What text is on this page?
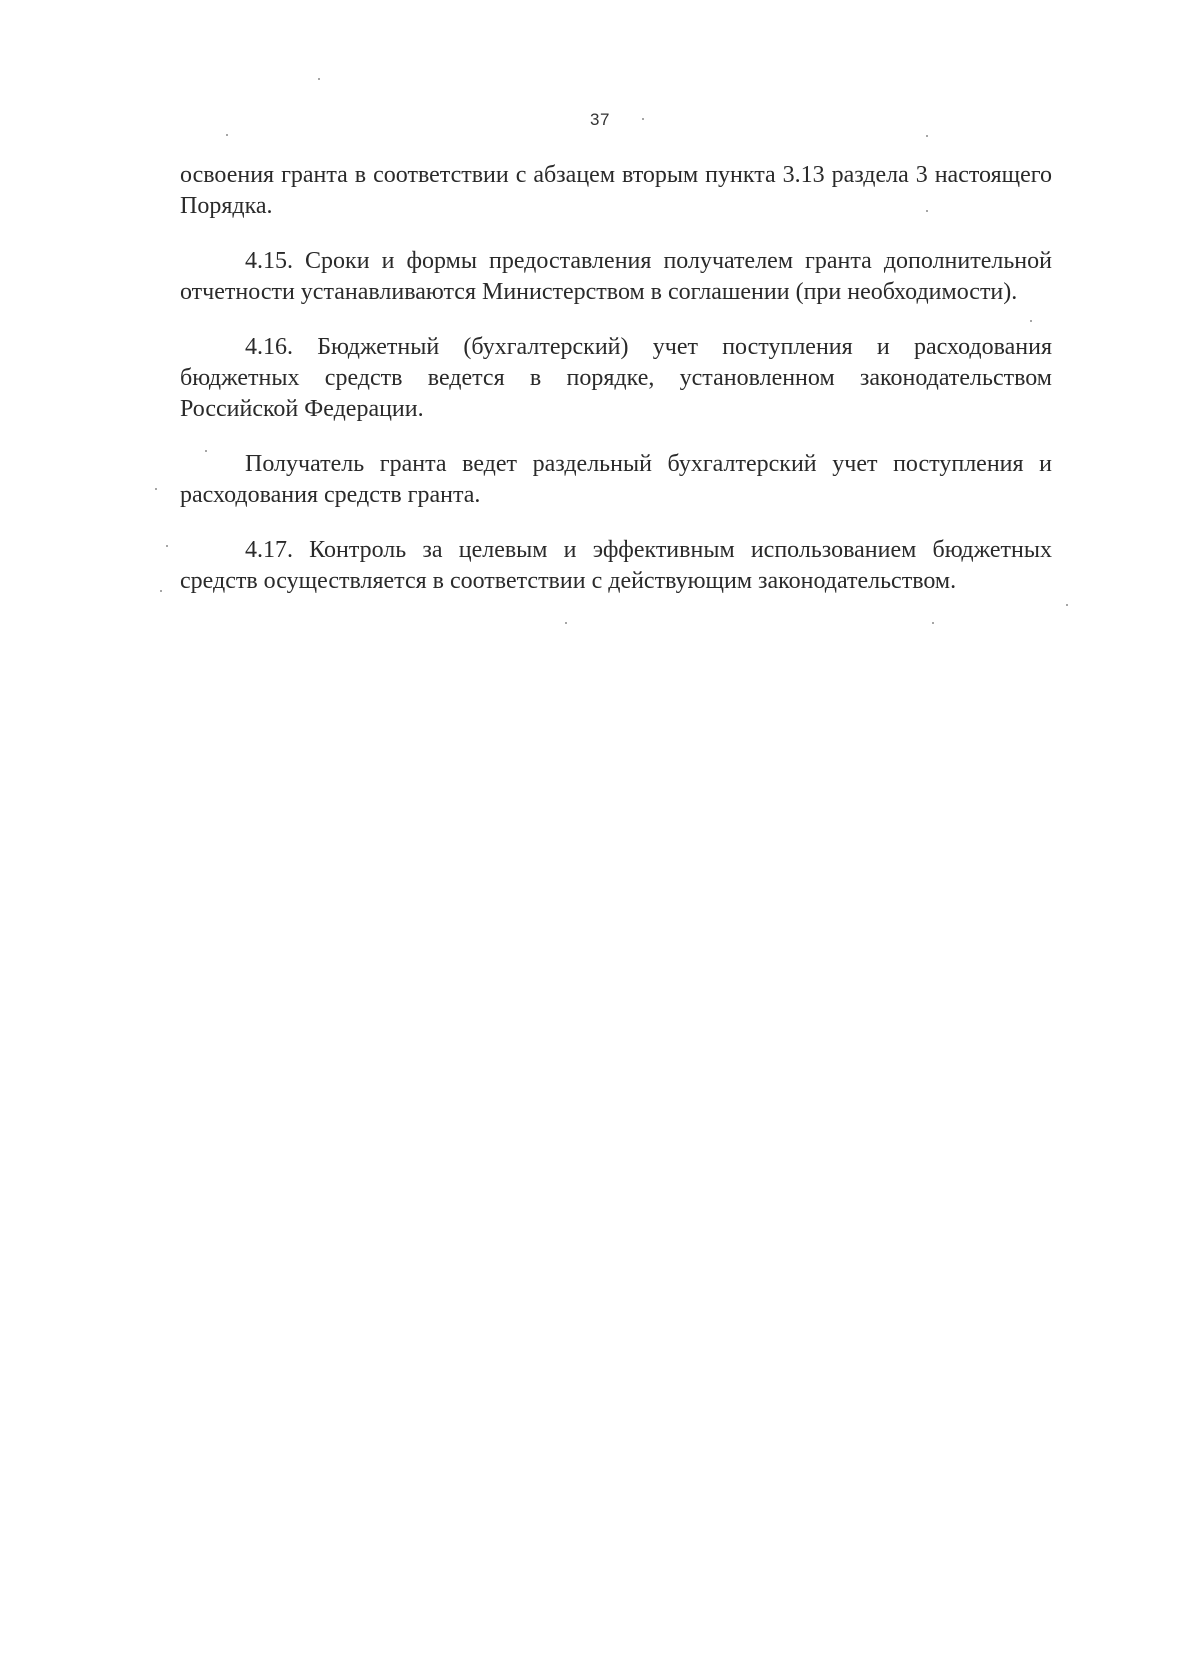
37

освоения гранта в соответствии с абзацем вторым пункта 3.13 раздела 3 настоящего Порядка.

4.15. Сроки и формы предоставления получателем гранта дополнительной отчетности устанавливаются Министерством в соглашении (при необходимости).

4.16. Бюджетный (бухгалтерский) учет поступления и расходования бюджетных средств ведется в порядке, установленном законодательством Российской Федерации.

Получатель гранта ведет раздельный бухгалтерский учет поступления и расходования средств гранта.

4.17. Контроль за целевым и эффективным использованием бюджетных средств осуществляется в соответствии с действующим законодательством.
